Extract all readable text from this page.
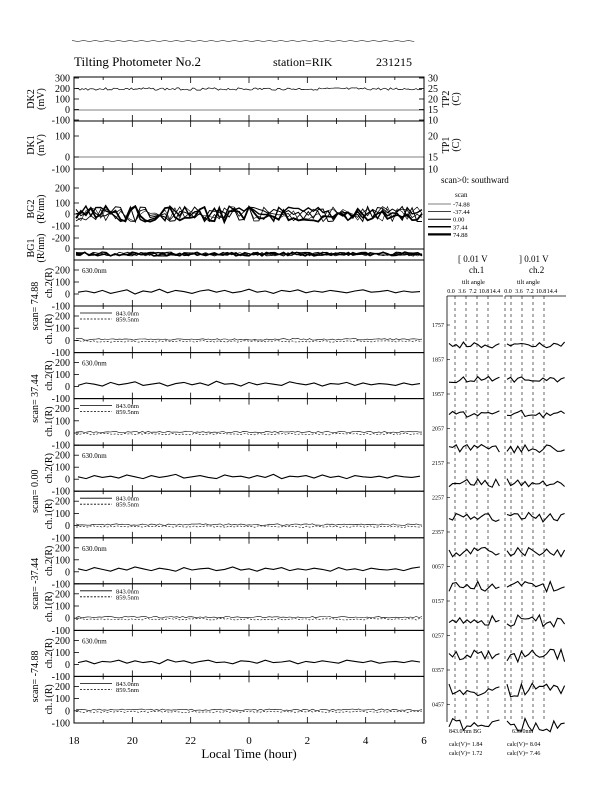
Tilting Photometer No.2	station=RIK	231215
300
200
100
0
-100
DK2 (mV)
30
25
20
15
10
TP2 (C)
100
0
-100
DK1 (mV)	20
15
10
TP1 (C)
200
100
0
-100
-200
BG2 (R/nm)
0
BG1 (R/nm)
scan>0: southward
scan
-74.88
-37.44
0.00
37.44
74.88
200
100
0
-100
200
100
0
-100
scan= 74.88 ch.2(R)
ch.1(R)
630.0nm
843.0nm
859.5nm
200
100
0
-100
200
100
0
-100
scan= 37.44 ch.2(R)
ch.1(R)
630.0nm
843.0nm
859.5nm
200
100
0
-100
200
100
0
-100
scan= 0.00
ch.2(R)
ch.1(R)
630.0nm
843.0nm
859.5nm
200
100
0
-100
200
100
0
-100
scan= -37.44 ch.2(R)
ch.1(R)
630.0nm
843.0nm
859.5nm
200
100
0
-100
200
100
0
-100
scan= -74.88 ch.2(R)
ch.1(R)
630.0nm
843.0nm
859.5nm
18	20	22	0	2	4	6
Local Time (hour)
[ 0.01 V	] 0.01 V
ch.1	ch.2
tilt angle	tilt angle
0.0 3.6 7.2 10.8 14.4 0.0 3.6 7.2 10.8 14.4
1757
1857
1957
2057
2157
2257
2357
0057
0157
0257
0357
0457
843.0 nm BG	630.0nm
calc(V)= 1.84
calc(V)= 1.72
calc(V)= 8.04
calc(V)= 7.46
